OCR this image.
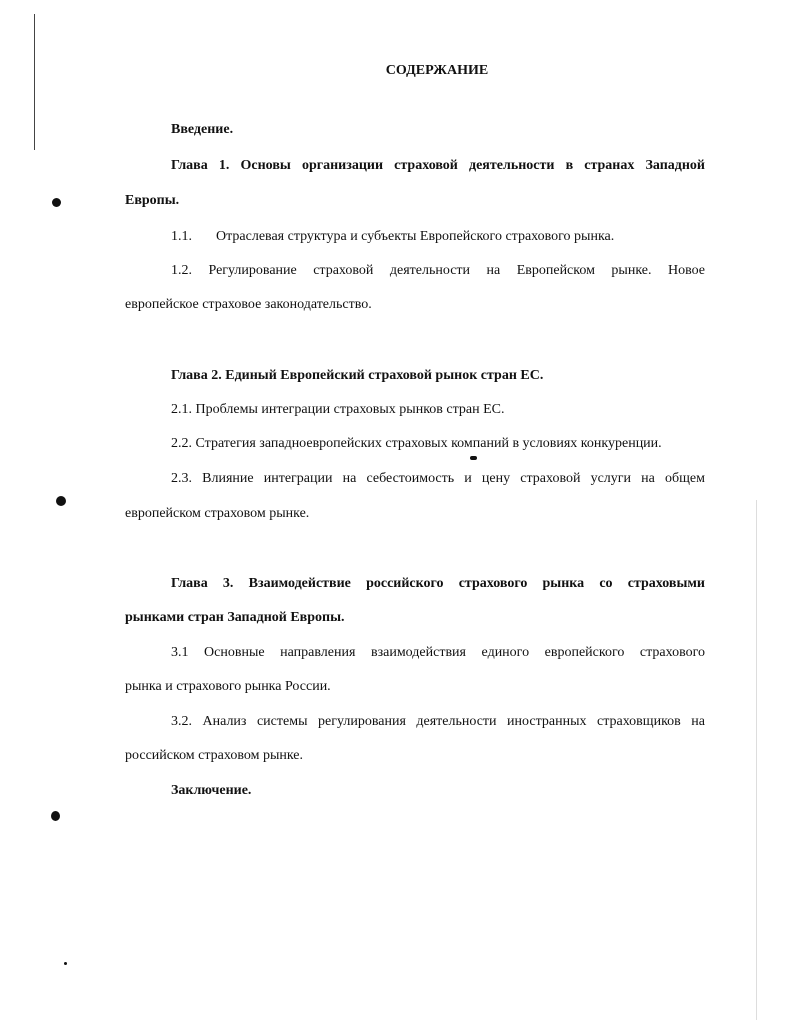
СОДЕРЖАНИЕ
Введение.
Глава 1. Основы организации страховой деятельности в странах Западной
Европы.
1.1. Отраслевая структура и субъекты Европейского страхового рынка.
1.2. Регулирование страховой деятельности на Европейском рынке. Новое
европейское страховое законодательство.
Глава 2. Единый Европейский страховой рынок стран ЕС.
2.1. Проблемы интеграции страховых рынков стран ЕС.
2.2. Стратегия западноевропейских страховых компаний в условиях конкуренции.
2.3. Влияние интеграции на себестоимость и цену страховой услуги на общем
европейском страховом рынке.
Глава 3. Взаимодействие российского страхового рынка со страховыми
рынками стран Западной Европы.
3.1 Основные направления взаимодействия единого европейского страхового
рынка и страхового рынка России.
3.2. Анализ системы регулирования деятельности иностранных страховщиков на
российском страховом рынке.
Заключение.
